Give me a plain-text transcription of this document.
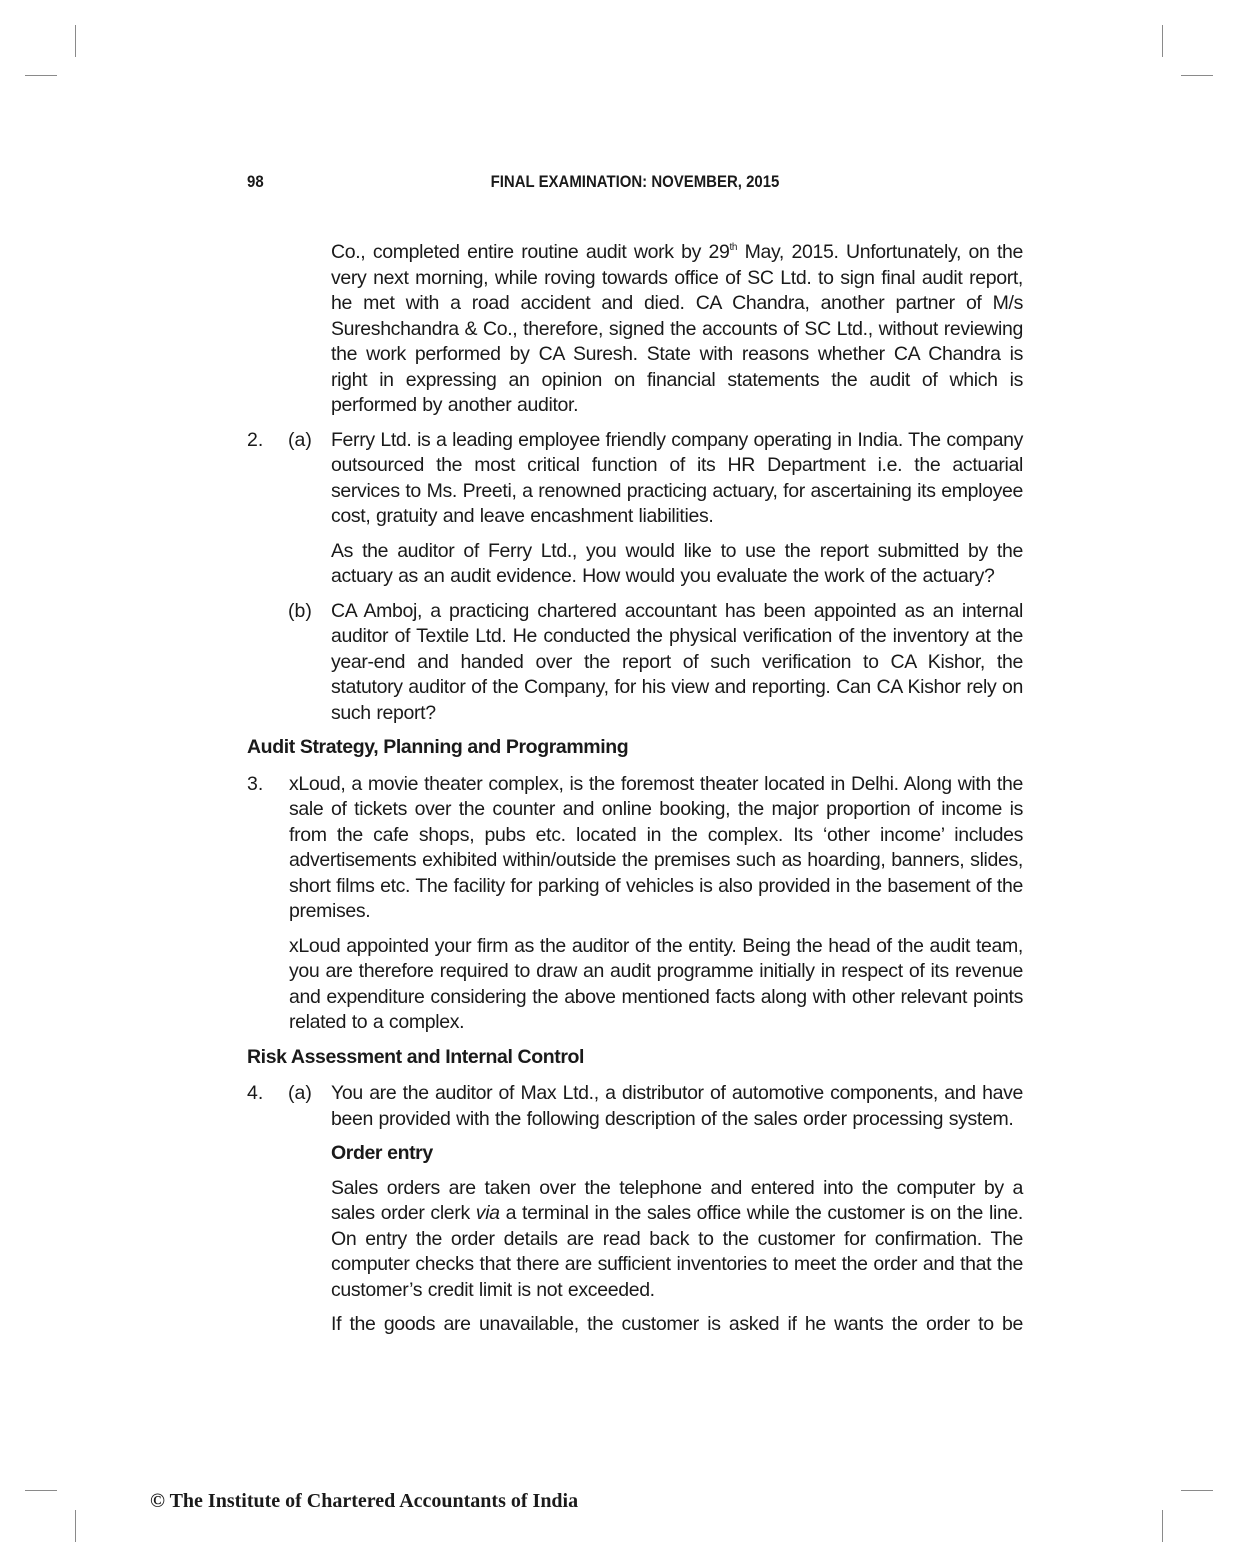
98	FINAL EXAMINATION: NOVEMBER, 2015

Co., completed entire routine audit work by 29th May, 2015. Unfortunately, on the very next morning, while roving towards office of SC Ltd. to sign final audit report, he met with a road accident and died. CA Chandra, another partner of M/s Sureshchandra & Co., therefore, signed the accounts of SC Ltd., without reviewing the work performed by CA Suresh. State with reasons whether CA Chandra is right in expressing an opinion on financial statements the audit of which is performed by another auditor.

2. (a) Ferry Ltd. is a leading employee friendly company operating in India. The company outsourced the most critical function of its HR Department i.e. the actuarial services to Ms. Preeti, a renowned practicing actuary, for ascertaining its employee cost, gratuity and leave encashment liabilities.

As the auditor of Ferry Ltd., you would like to use the report submitted by the actuary as an audit evidence. How would you evaluate the work of the actuary?

(b) CA Amboj, a practicing chartered accountant has been appointed as an internal auditor of Textile Ltd. He conducted the physical verification of the inventory at the year-end and handed over the report of such verification to CA Kishor, the statutory auditor of the Company, for his view and reporting. Can CA Kishor rely on such report?

Audit Strategy, Planning and Programming
3. xLoud, a movie theater complex, is the foremost theater located in Delhi. Along with the sale of tickets over the counter and online booking, the major proportion of income is from the cafe shops, pubs etc. located in the complex. Its ‘other income’ includes advertisements exhibited within/outside the premises such as hoarding, banners, slides, short films etc. The facility for parking of vehicles is also provided in the basement of the premises.

xLoud appointed your firm as the auditor of the entity. Being the head of the audit team, you are therefore required to draw an audit programme initially in respect of its revenue and expenditure considering the above mentioned facts along with other relevant points related to a complex.

Risk Assessment and Internal Control
4. (a) You are the auditor of Max Ltd., a distributor of automotive components, and have been provided with the following description of the sales order processing system.

Order entry

Sales orders are taken over the telephone and entered into the computer by a sales order clerk via a terminal in the sales office while the customer is on the line. On entry the order details are read back to the customer for confirmation. The computer checks that there are sufficient inventories to meet the order and that the customer’s credit limit is not exceeded.

If the goods are unavailable, the customer is asked if he wants the order to be

© The Institute of Chartered Accountants of India
